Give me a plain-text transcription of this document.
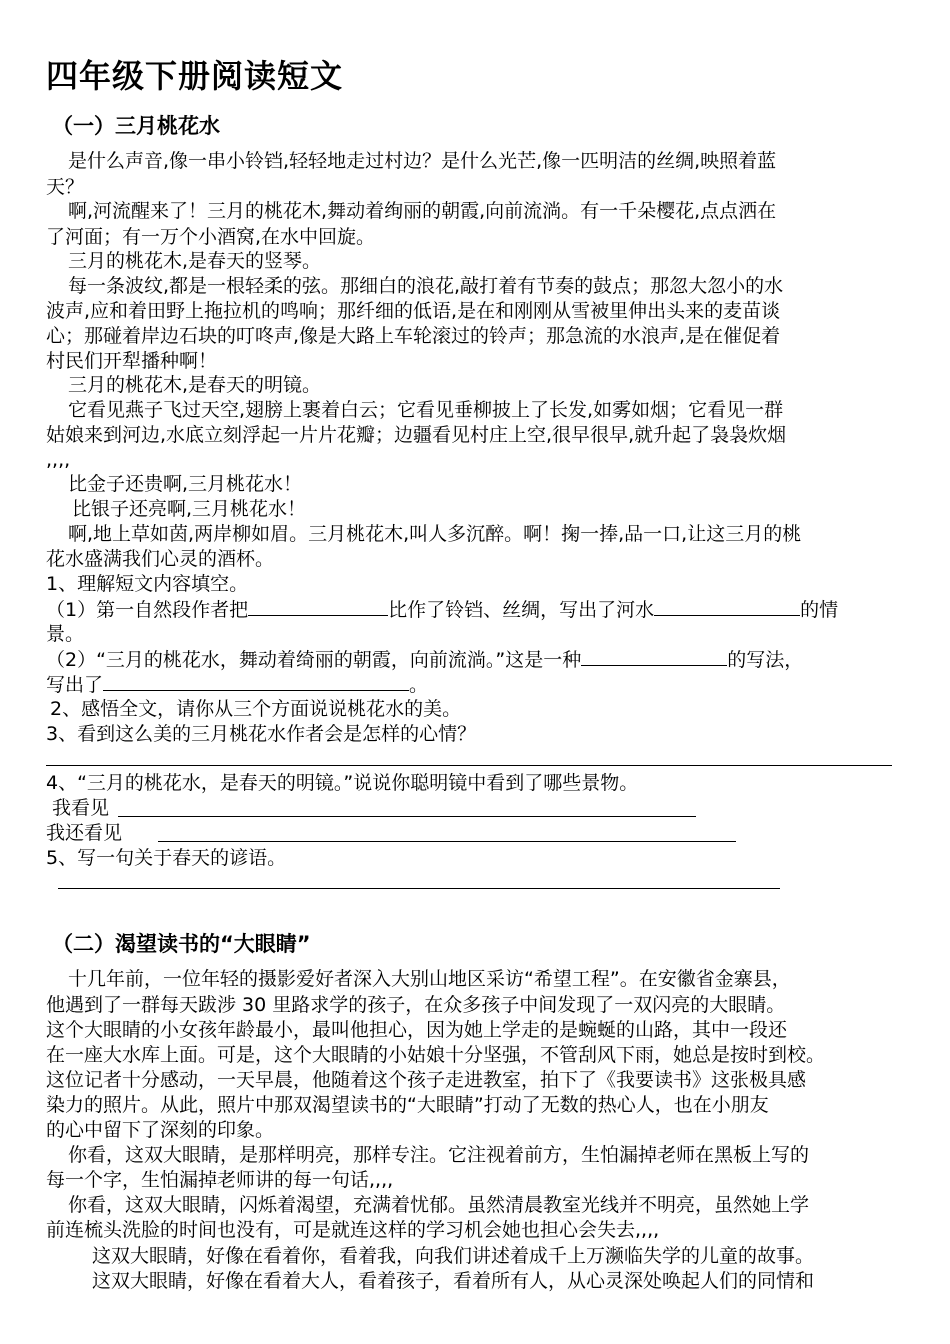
四年级下册阅读短文
（一）三月桃花水
是什么声音,像一串小铃铛,轻轻地走过村边？是什么光芒,像一匹明洁的丝绸,映照着蓝
天？
啊,河流醒来了！三月的桃花木,舞动着绚丽的朝霞,向前流淌。有一千朵樱花,点点洒在
了河面；有一万个小酒窝,在水中回旋。
三月的桃花木,是春天的竖琴。
每一条波纹,都是一根轻柔的弦。那细白的浪花,敲打着有节奏的鼓点；那忽大忽小的水
波声,应和着田野上拖拉机的鸣响；那纤细的低语,是在和刚刚从雪被里伸出头来的麦苗谈
心；那碰着岸边石块的叮咚声,像是大路上车轮滚过的铃声；那急流的水浪声,是在催促着
村民们开犁播种啊！
三月的桃花木,是春天的明镜。
它看见燕子飞过天空,翅膀上裹着白云；它看见垂柳披上了长发,如雾如烟；它看见一群
姑娘来到河边,水底立刻浮起一片片花瓣；边疆看见村庄上空,很早很早,就升起了袅袅炊烟
,,,,
比金子还贵啊,三月桃花水！
比银子还亮啊,三月桃花水！
啊,地上草如茵,两岸柳如眉。三月桃花木,叫人多沉醉。啊！掬一捧,品一口,让这三月的桃
花水盛满我们心灵的酒杯。
1、理解短文内容填空。
（1）第一自然段作者把	比作了铃铛、丝绸，写出了河水	的情
景。
（2）“三月的桃花水，舞动着绮丽的朝霞，向前流淌。”这是一种	的写法，
写出了	。
2、感悟全文，请你从三个方面说说桃花水的美。
3、看到这么美的三月桃花水作者会是怎样的心情？
4、“三月的桃花水，是春天的明镜。”说说你聪明镜中看到了哪些景物。
我看见
我还看见
5、写一句关于春天的谚语。
（二）渴望读书的“大眼睛”
十几年前，一位年轻的摄影爱好者深入大别山地区采访“希望工程”。在安徽省金寨县，
他遇到了一群每天跋涉 30 里路求学的孩子，在众多孩子中间发现了一双闪亮的大眼睛。
这个大眼睛的小女孩年龄最小，最叫他担心，因为她上学走的是蜿蜒的山路，其中一段还
在一座大水库上面。可是，这个大眼睛的小姑娘十分坚强，不管刮风下雨，她总是按时到校。
这位记者十分感动，一天早晨，他随着这个孩子走进教室，拍下了《我要读书》这张极具感
染力的照片。从此，照片中那双渴望读书的“大眼睛”打动了无数的热心人，也在小朋友
的心中留下了深刻的印象。
你看，这双大眼睛，是那样明亮，那样专注。它注视着前方，生怕漏掉老师在黑板上写的
每一个字，生怕漏掉老师讲的每一句话,,,,
你看，这双大眼睛，闪烁着渴望，充满着忧郁。虽然清晨教室光线并不明亮，虽然她上学
前连梳头洗脸的时间也没有，可是就连这样的学习机会她也担心会失去,,,,
这双大眼睛，好像在看着你，看着我，向我们讲述着成千上万濒临失学的儿童的故事。
这双大眼睛，好像在看着大人，看着孩子，看着所有人，从心灵深处唤起人们的同情和
